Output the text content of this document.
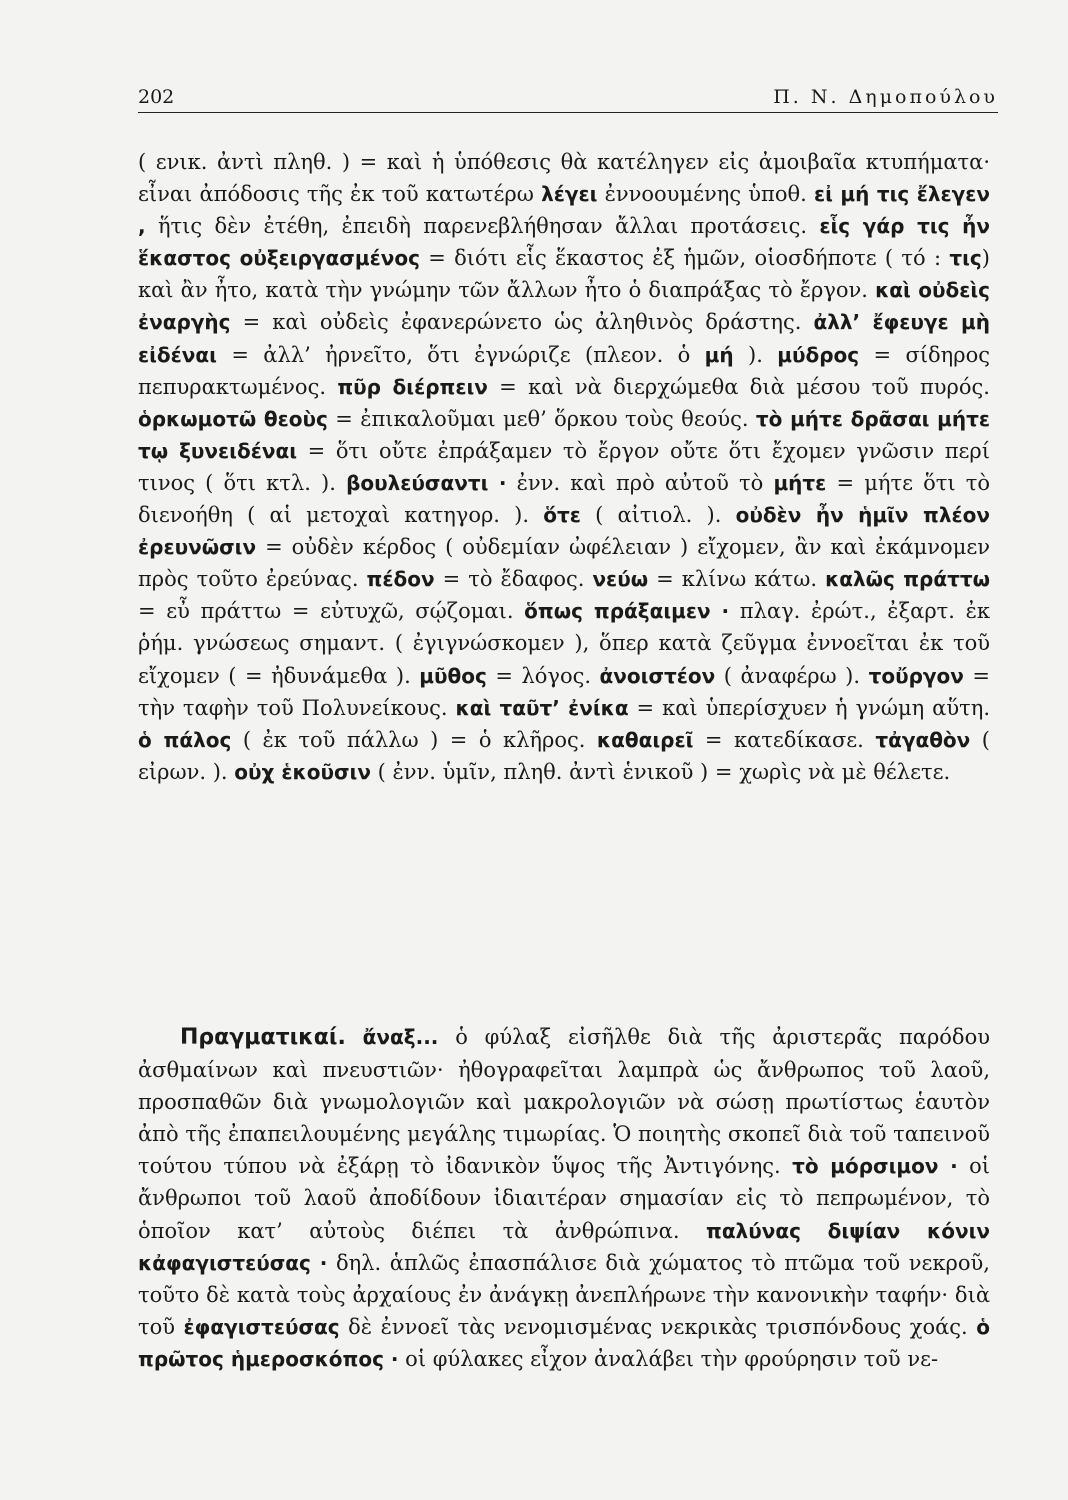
202	Π. Ν. Δημοπούλου

( ενικ. ἀντὶ πληθ. ) = καὶ ἡ ὑπόθεσις θὰ κατέληγεν εἰς ἀμοιβαῖα κτυπήματα· εἶναι ἀπόδοσις τῆς ἐκ τοῦ κατωτέρω λέγει ἐννοουμένης ὑποθ. εἰ μή τις ἔλεγεν , ἥτις δὲν ἐτέθη, ἐπειδὴ παρενεβλήθησαν ἄλλαι προτάσεις. εἷς γάρ τις ἦν ἕκαστος οὐξειργασμένος = διότι εἷς ἕκαστος ἐξ ἡμῶν, οἱοσδήποτε ( τό : τις) καὶ ἂν ἦτο, κατὰ τὴν γνώμην τῶν ἄλλων ἦτο ὁ διαπράξας τὸ ἔργον. καὶ οὐδεὶς ἐναργὴς = καὶ οὐδεὶς ἐφανερώνετο ὡς ἀληθινὸς δράστης. ἀλλ’ ἔφευγε μὴ εἰδέναι = ἀλλ’ ἠρνεῖτο, ὅτι ἐγνώριζε (πλεον. ὁ μή ). μύδρος = σίδηρος πεπυρακτωμένος. πῦρ διέρπειν = καὶ νὰ διερχώμεθα διὰ μέσου τοῦ πυρός. ὁρκωμοτῶ θεοὺς = ἐπικαλοῦμαι μεθ’ ὅρκου τοὺς θεούς. τὸ μήτε δρᾶσαι μήτε τῳ ξυνειδέναι = ὅτι οὔτε ἐπράξαμεν τὸ ἔργον οὔτε ὅτι ἔχομεν γνῶσιν περί τινος ( ὅτι κτλ. ). βουλεύσαντι · ἐνν. καὶ πρὸ αὐτοῦ τὸ μήτε = μήτε ὅτι τὸ διενοήθη ( αἱ μετοχαὶ κατηγορ. ). ὅτε ( αἰτιολ. ). οὐδὲν ἦν ἡμῖν πλέον ἐρευνῶσιν = οὐδὲν κέρδος ( οὐδεμίαν ὠφέλειαν ) εἴχομεν, ἂν καὶ ἐκάμνομεν πρὸς τοῦτο ἐρεύνας. πέδον = τὸ ἔδαφος. νεύω = κλίνω κάτω. καλῶς πράττω = εὖ πράττω = εὐτυχῶ, σῴζομαι. ὅπως πράξαιμεν · πλαγ. ἐρώτ., ἐξαρτ. ἐκ ῥήμ. γνώσεως σημαντ. ( ἐγιγνώσκομεν ), ὅπερ κατὰ ζεῦγμα ἐννοεῖται ἐκ τοῦ εἴχομεν ( = ἠδυνάμεθα ). μῦθος = λόγος. ἀνοιστέον ( ἀναφέρω ). τοὔργον = τὴν ταφὴν τοῦ Πολυνείκους. καὶ ταῦτ’ ἐνίκα = καὶ ὑπερίσχυεν ἡ γνώμη αὕτη. ὁ πάλος ( ἐκ τοῦ πάλλω ) = ὁ κλῆρος. καθαιρεῖ = κατεδίκασε. τἀγαθὸν ( εἰρων. ). οὐχ ἑκοῦσιν ( ἐνν. ὑμῖν, πληθ. ἀντὶ ἑνικοῦ ) = χωρὶς νὰ μὲ θέλετε.

Πραγματικαί. ἄναξ... ὁ φύλαξ εἰσῆλθε διὰ τῆς ἀριστερᾶς παρόδου ἀσθμαίνων καὶ πνευστιῶν· ἠθογραφεῖται λαμπρὰ ὡς ἄνθρωπος τοῦ λαοῦ, προσπαθῶν διὰ γνωμολογιῶν καὶ μακρολογιῶν νὰ σώσῃ πρωτίστως ἑαυτὸν ἀπὸ τῆς ἐπαπειλουμένης μεγάλης τιμωρίας. Ὁ ποιητὴς σκοπεῖ διὰ τοῦ ταπεινοῦ τούτου τύπου νὰ ἐξάρῃ τὸ ἰδανικὸν ὕψος τῆς Ἀντιγόνης. τὸ μόρσιμον · οἱ ἄνθρωποι τοῦ λαοῦ ἀποδίδουν ἰδιαιτέραν σημασίαν εἰς τὸ πεπρωμένον, τὸ ὁποῖον κατ’ αὐτοὺς διέπει τὰ ἀνθρώπινα. παλύνας διψίαν κόνιν κἀφαγιστεύσας · δηλ. ἁπλῶς ἐπασπάλισε διὰ χώματος τὸ πτῶμα τοῦ νεκροῦ, τοῦτο δὲ κατὰ τοὺς ἀρχαίους ἐν ἀνάγκῃ ἀνεπλήρωνε τὴν κανονικὴν ταφήν· διὰ τοῦ ἐφαγιστεύσας δὲ ἐννοεῖ τὰς νενομισμένας νεκρικὰς τρισπόνδους χοάς. ὁ πρῶτος ἡμεροσκόπος · οἱ φύλακες εἶχον ἀναλάβει τὴν φρούρησιν τοῦ νε-
